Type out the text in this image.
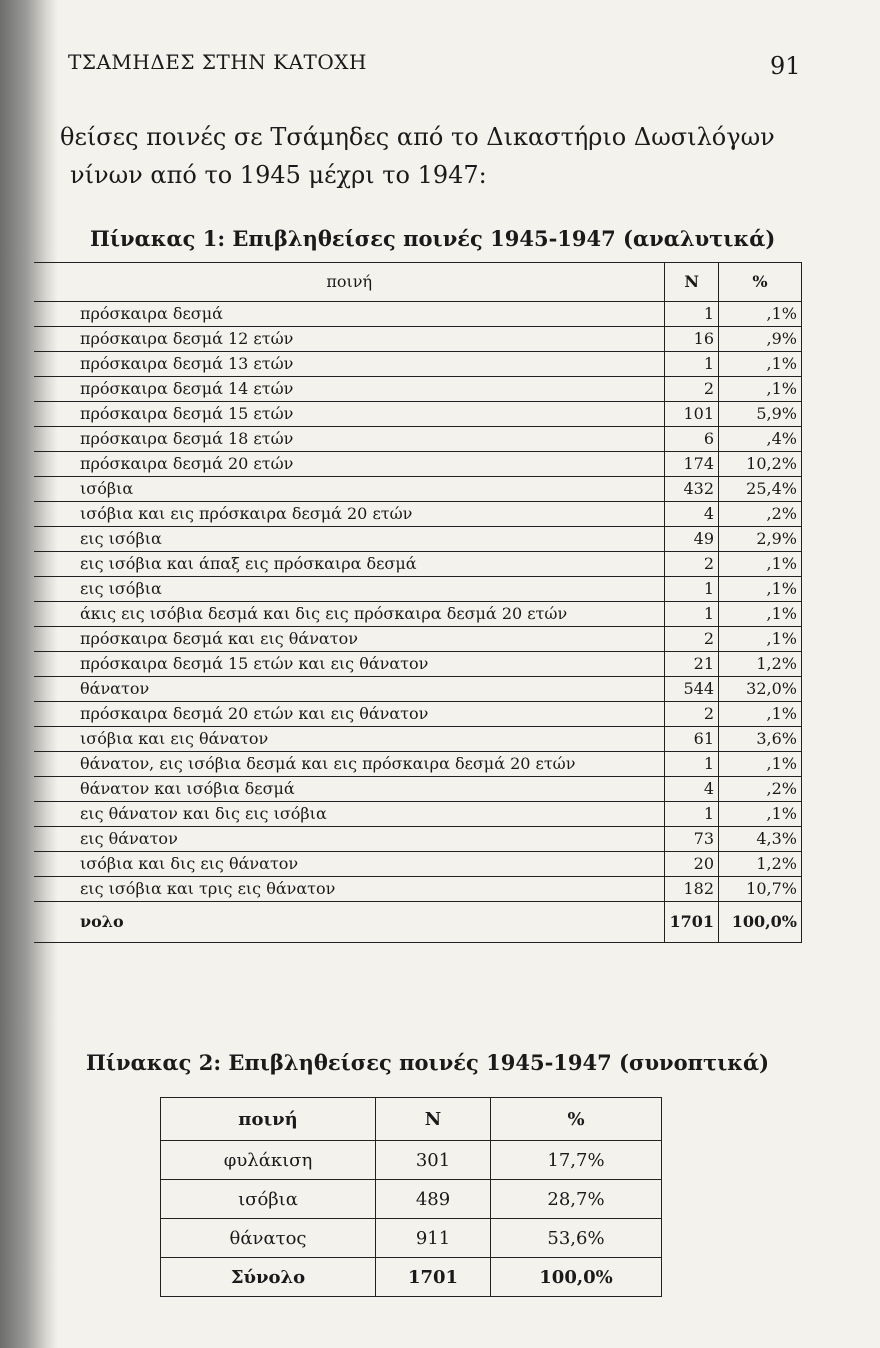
ΤΣΑΜΗΔΕΣ ΣΤΗΝ ΚΑΤΟΧΗ	91
θείσες ποινές σε Τσάμηδες από το Δικαστήριο Δωσιλόγων
νίνων από το 1945 μέχρι το 1947:
Πίνακας 1: Επιβληθείσες ποινές 1945-1947 (αναλυτικά)
ποινή	Ν	%
πρόσκαιρα δεσμά	1	,1%
πρόσκαιρα δεσμά 12 ετών	16	,9%
πρόσκαιρα δεσμά 13 ετών	1	,1%
πρόσκαιρα δεσμά 14 ετών	2	,1%
πρόσκαιρα δεσμά 15 ετών	101	5,9%
πρόσκαιρα δεσμά 18 ετών	6	,4%
πρόσκαιρα δεσμά 20 ετών	174	10,2%
ισόβια	432	25,4%
ισόβια και εις πρόσκαιρα δεσμά 20 ετών	4	,2%
εις ισόβια	49	2,9%
εις ισόβια και άπαξ εις πρόσκαιρα δεσμά	2	,1%
εις ισόβια	1	,1%
άκις εις ισόβια δεσμά και δις εις πρόσκαιρα δεσμά 20 ετών	1	,1%
πρόσκαιρα δεσμά και εις θάνατον	2	,1%
πρόσκαιρα δεσμά 15 ετών και εις θάνατον	21	1,2%
θάνατον	544	32,0%
πρόσκαιρα δεσμά 20 ετών και εις θάνατον	2	,1%
ισόβια και εις θάνατον	61	3,6%
θάνατον, εις ισόβια δεσμά και εις πρόσκαιρα δεσμά 20 ετών	1	,1%
θάνατον και ισόβια δεσμά	4	,2%
εις θάνατον και δις εις ισόβια	1	,1%
εις θάνατον	73	4,3%
ισόβια και δις εις θάνατον	20	1,2%
εις ισόβια και τρις εις θάνατον	182	10,7%
νολο	1701	100,0%
Πίνακας 2: Επιβληθείσες ποινές 1945-1947 (συνοπτικά)
ποινή	Ν	%
φυλάκιση	301	17,7%
ισόβια	489	28,7%
θάνατος	911	53,6%
Σύνολο	1701	100,0%
